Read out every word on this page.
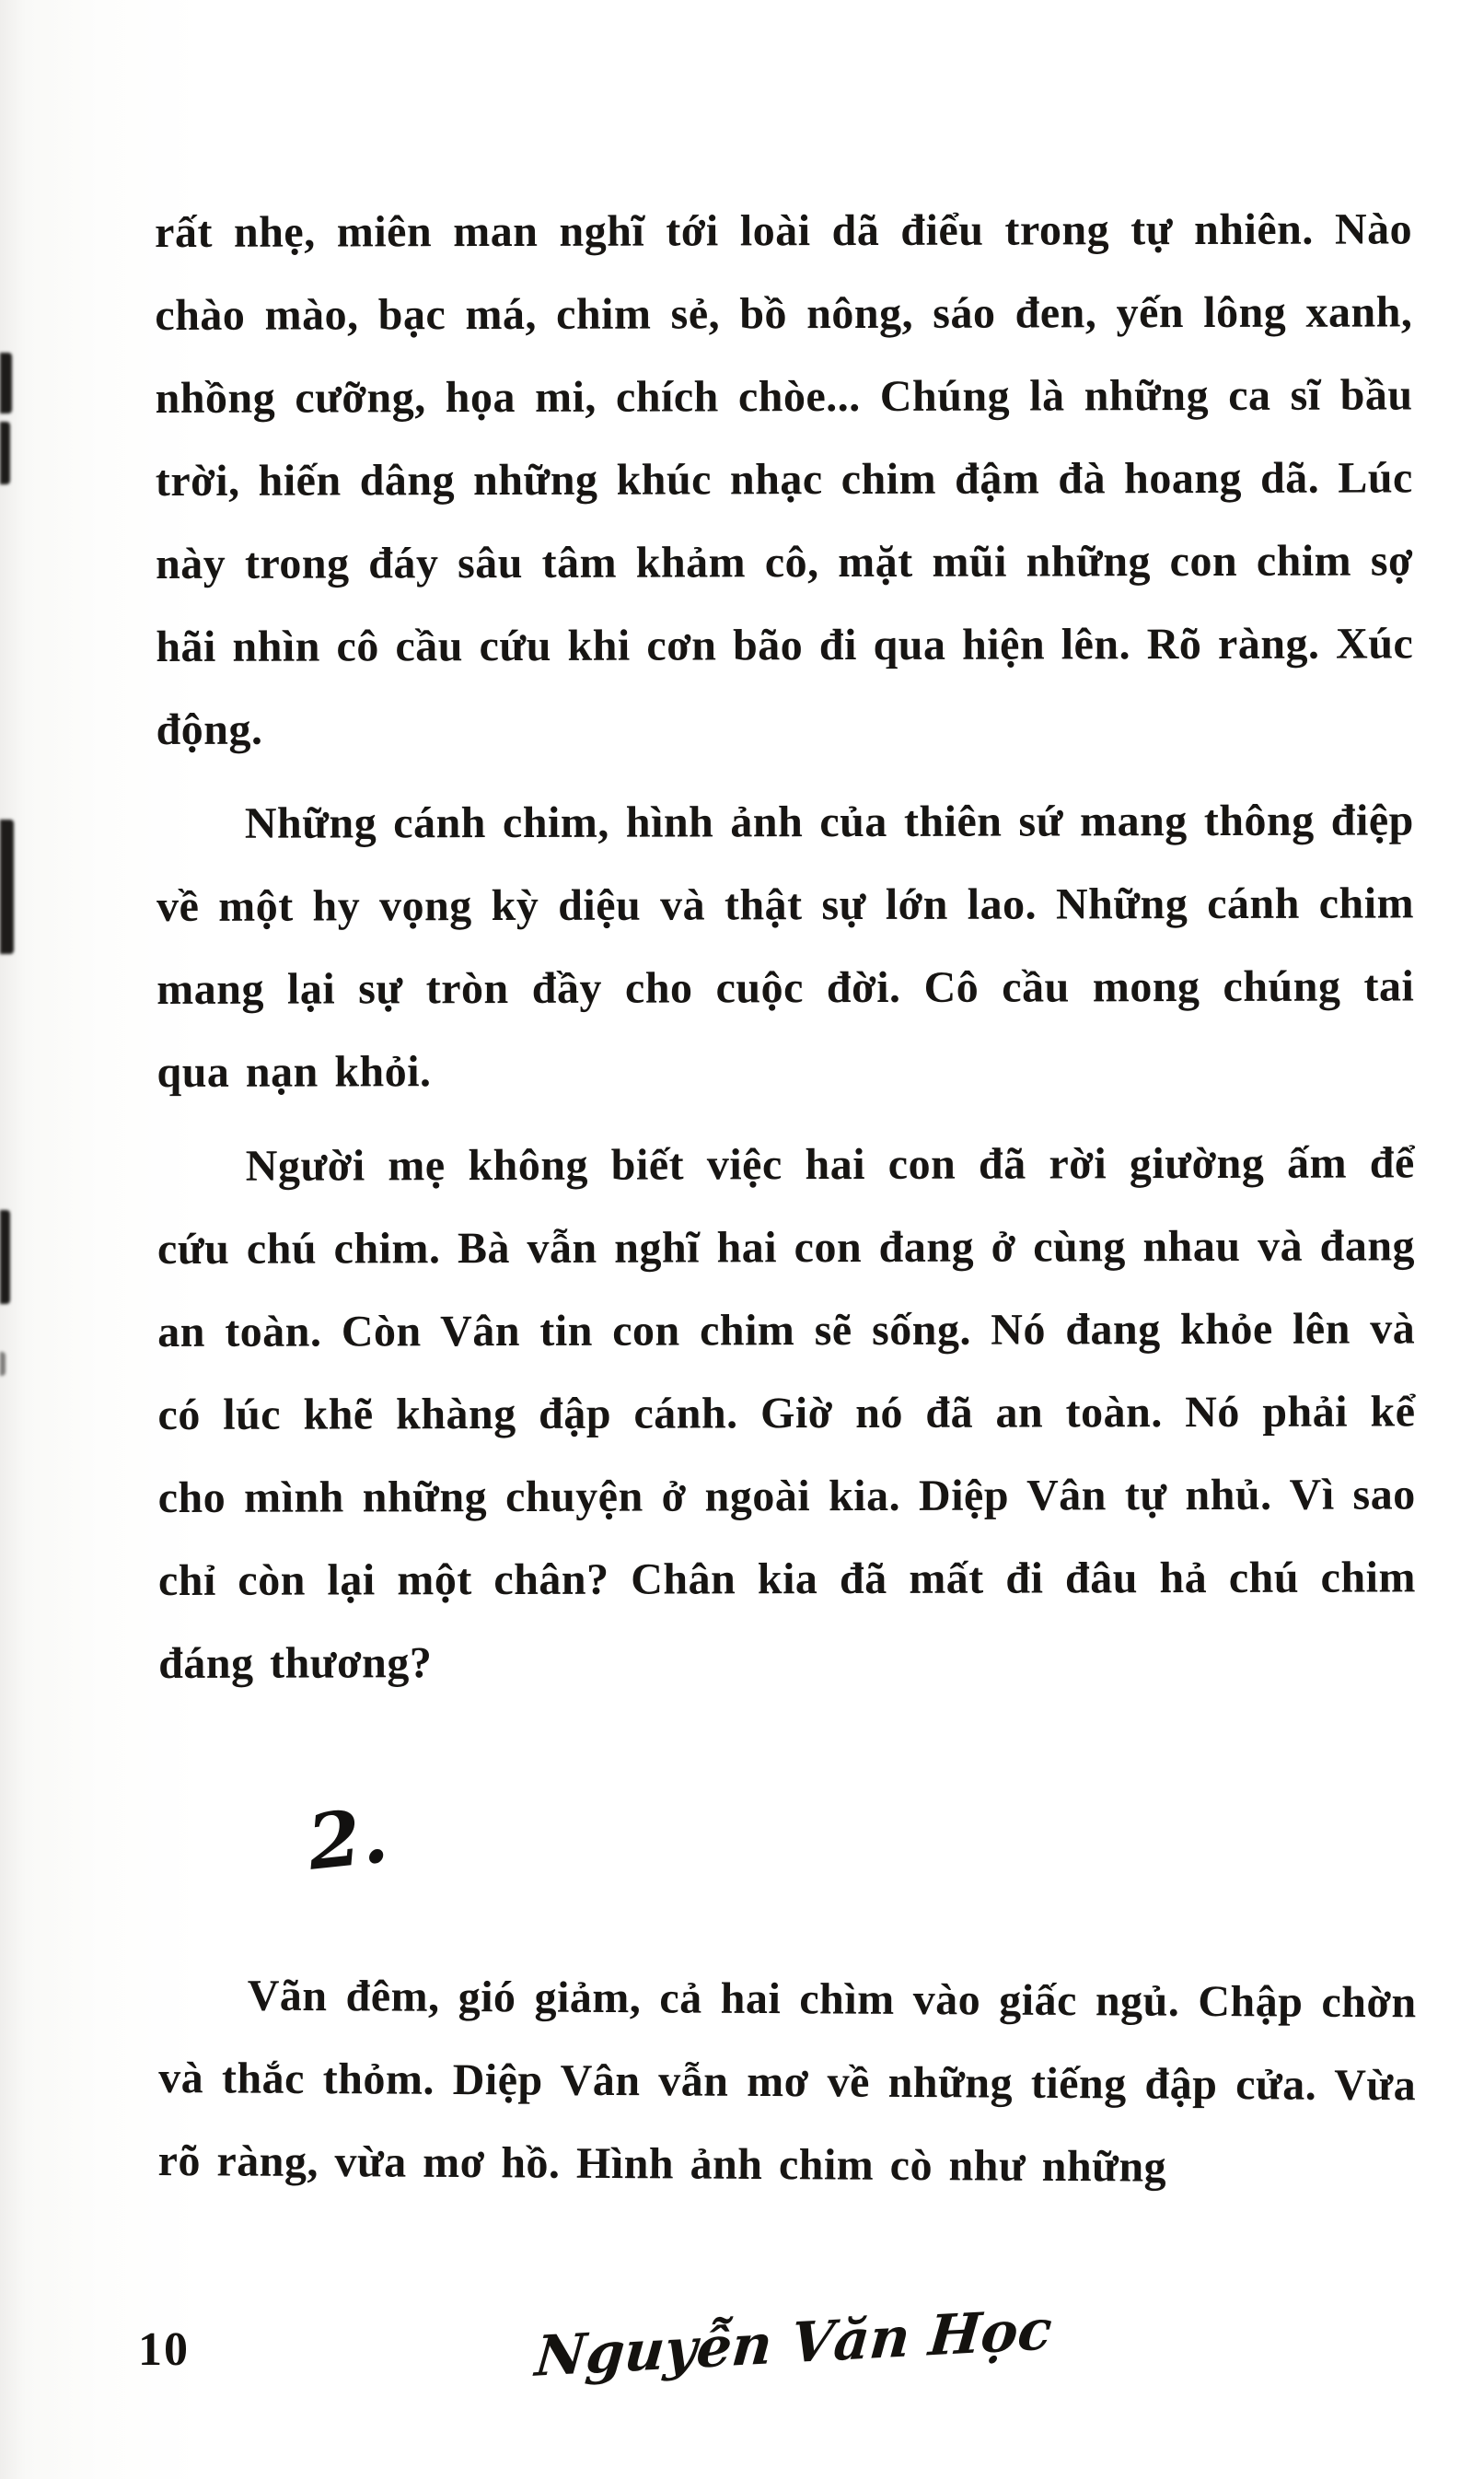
rất nhẹ, miên man nghĩ tới loài dã điểu trong tự nhiên. Nào chào mào, bạc má, chim sẻ, bồ nông, sáo đen, yến lông xanh, nhồng cưỡng, họa mi, chích chòe... Chúng là những ca sĩ bầu trời, hiến dâng những khúc nhạc chim đậm đà hoang dã. Lúc này trong đáy sâu tâm khảm cô, mặt mũi những con chim sợ hãi nhìn cô cầu cứu khi cơn bão đi qua hiện lên. Rõ ràng. Xúc động.

Những cánh chim, hình ảnh của thiên sứ mang thông điệp về một hy vọng kỳ diệu và thật sự lớn lao. Những cánh chim mang lại sự tròn đầy cho cuộc đời. Cô cầu mong chúng tai qua nạn khỏi.

Người mẹ không biết việc hai con đã rời giường ấm để cứu chú chim. Bà vẫn nghĩ hai con đang ở cùng nhau và đang an toàn. Còn Vân tin con chim sẽ sống. Nó đang khỏe lên và có lúc khẽ khàng đập cánh. Giờ nó đã an toàn. Nó phải kể cho mình những chuyện ở ngoài kia. Diệp Vân tự nhủ. Vì sao chỉ còn lại một chân? Chân kia đã mất đi đâu hả chú chim đáng thương?

2.

Vãn đêm, gió giảm, cả hai chìm vào giấc ngủ. Chập chờn và thắc thỏm. Diệp Vân vẫn mơ về những tiếng đập cửa. Vừa rõ ràng, vừa mơ hồ. Hình ảnh chim cò như những

10	Nguyễn Văn Học
